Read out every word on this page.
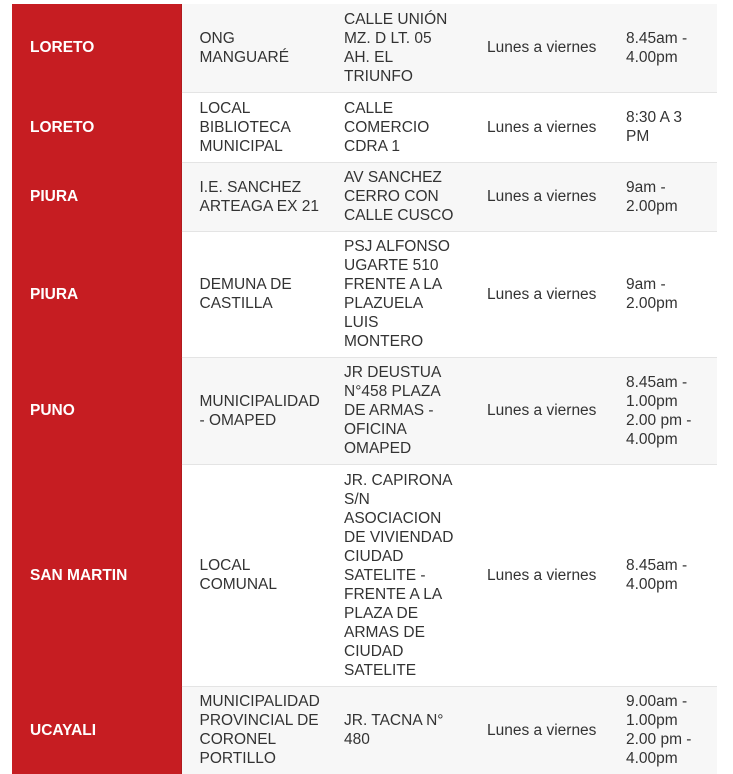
LORETO	ONG MANGUARÉ	CALLE UNIÓN MZ. D LT. 05 AH. EL TRIUNFO	Lunes a viernes	8.45am - 4.00pm
LORETO	LOCAL BIBLIOTECA MUNICIPAL	CALLE COMERCIO CDRA 1	Lunes a viernes	8:30 A 3 PM
PIURA	I.E. SANCHEZ ARTEAGA EX 21	AV SANCHEZ CERRO CON CALLE CUSCO	Lunes a viernes	9am - 2.00pm
PIURA	DEMUNA DE CASTILLA	PSJ ALFONSO UGARTE 510 FRENTE A LA PLAZUELA LUIS MONTERO	Lunes a viernes	9am - 2.00pm
PUNO	MUNICIPALIDAD - OMAPED	JR DEUSTUA N°458 PLAZA DE ARMAS - OFICINA OMAPED	Lunes a viernes	8.45am - 1.00pm 2.00 pm - 4.00pm
SAN MARTIN	LOCAL COMUNAL	JR. CAPIRONA S/N ASOCIACION DE VIVIENDAD CIUDAD SATELITE - FRENTE A LA PLAZA DE ARMAS DE CIUDAD SATELITE	Lunes a viernes	8.45am - 4.00pm
UCAYALI	MUNICIPALIDAD PROVINCIAL DE CORONEL PORTILLO	JR. TACNA N° 480	Lunes a viernes	9.00am - 1.00pm 2.00 pm - 4.00pm
